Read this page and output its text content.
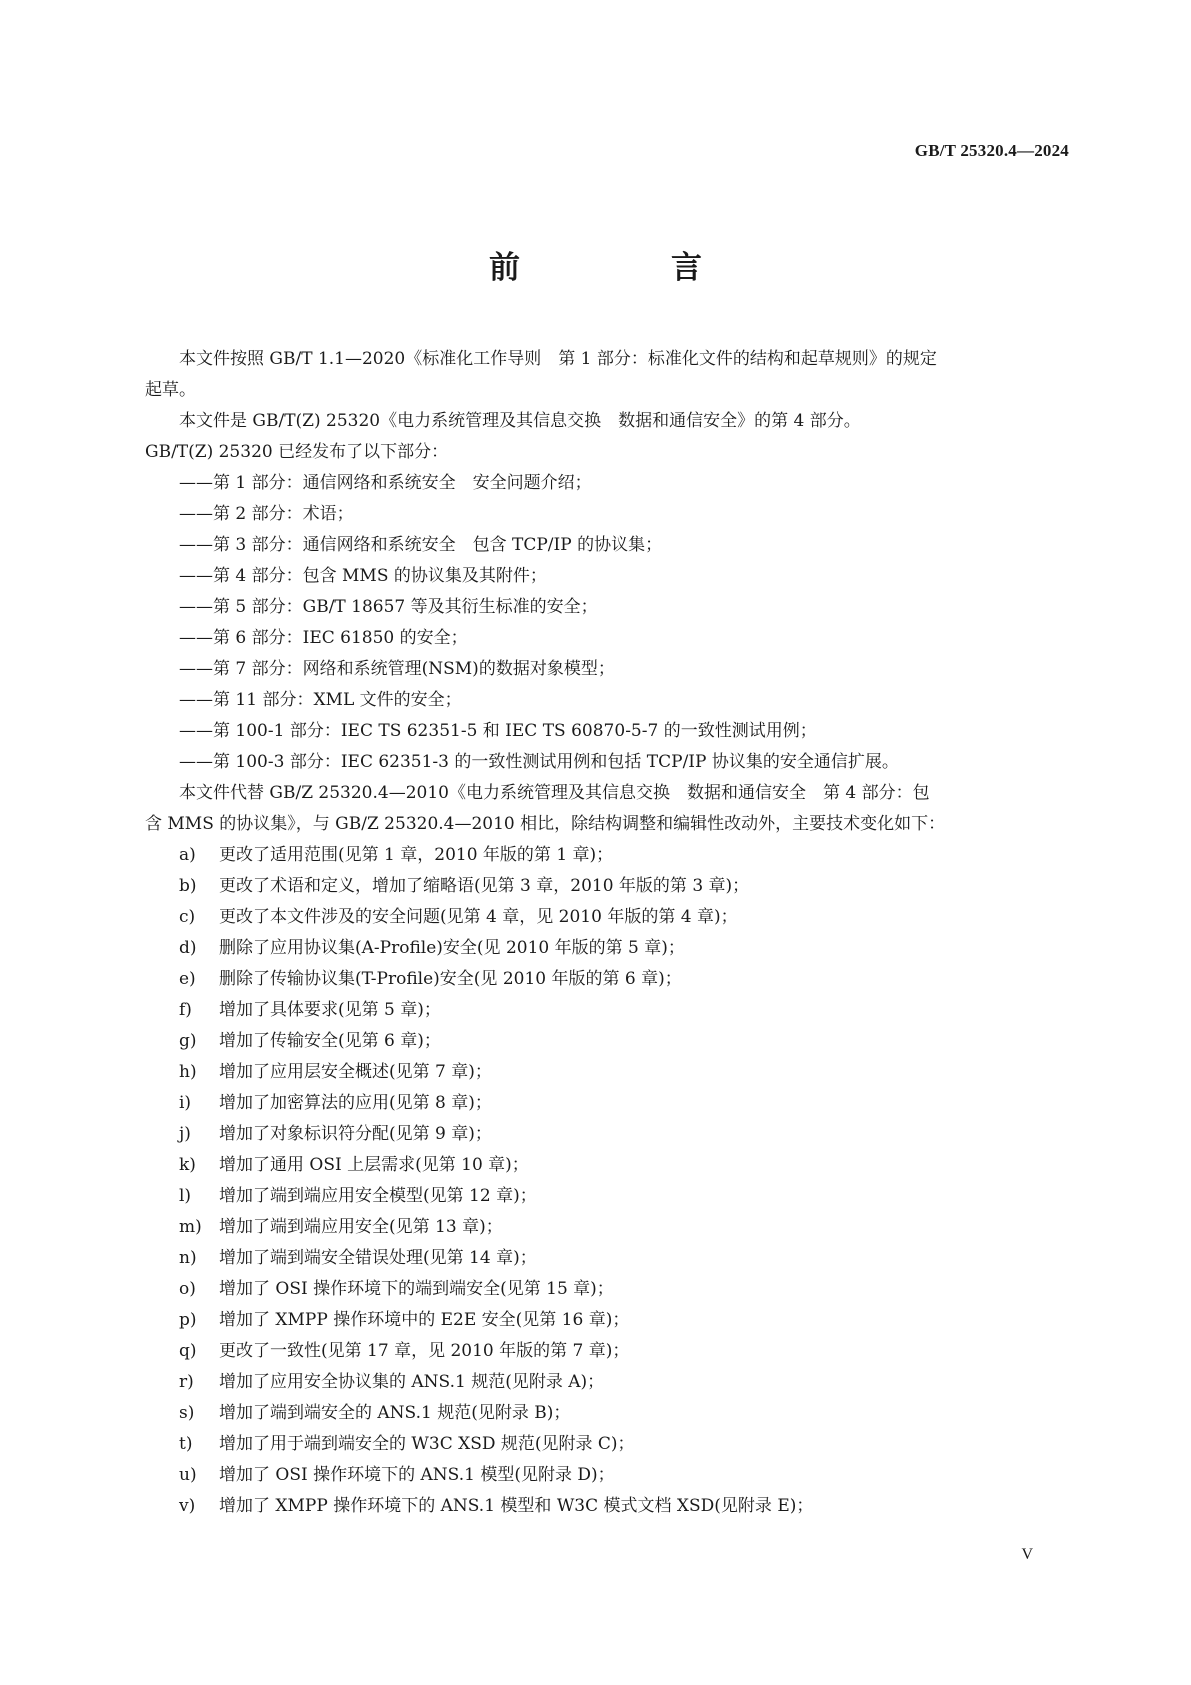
GB/T 25320.4—2024
前　言

本文件按照 GB/T 1.1—2020《标准化工作导则　第 1 部分：标准化文件的结构和起草规则》的规定

起草。

本文件是 GB/T(Z) 25320《电力系统管理及其信息交换　数据和通信安全》的第 4 部分。

GB/T(Z) 25320 已经发布了以下部分：

——第 1 部分：通信网络和系统安全　安全问题介绍；

——第 2 部分：术语；

——第 3 部分：通信网络和系统安全　包含 TCP/IP 的协议集；

——第 4 部分：包含 MMS 的协议集及其附件；

——第 5 部分：GB/T 18657 等及其衍生标准的安全；

——第 6 部分：IEC 61850 的安全；

——第 7 部分：网络和系统管理(NSM)的数据对象模型；

——第 11 部分：XML 文件的安全；

——第 100-1 部分：IEC TS 62351-5 和 IEC TS 60870-5-7 的一致性测试用例；

——第 100-3 部分：IEC 62351-3 的一致性测试用例和包括 TCP/IP 协议集的安全通信扩展。

本文件代替 GB/Z 25320.4—2010《电力系统管理及其信息交换　数据和通信安全　第 4 部分：包

含 MMS 的协议集》，与 GB/Z 25320.4—2010 相比，除结构调整和编辑性改动外，主要技术变化如下：

a)	更改了适用范围(见第 1 章，2010 年版的第 1 章)；
b)	更改了术语和定义，增加了缩略语(见第 3 章，2010 年版的第 3 章)；
c)	更改了本文件涉及的安全问题(见第 4 章，见 2010 年版的第 4 章)；
d)	删除了应用协议集(A-Profile)安全(见 2010 年版的第 5 章)；
e)	删除了传输协议集(T-Profile)安全(见 2010 年版的第 6 章)；
f)	增加了具体要求(见第 5 章)；
g)	增加了传输安全(见第 6 章)；
h)	增加了应用层安全概述(见第 7 章)；
i)	增加了加密算法的应用(见第 8 章)；
j)	增加了对象标识符分配(见第 9 章)；
k)	增加了通用 OSI 上层需求(见第 10 章)；
l)	增加了端到端应用安全模型(见第 12 章)；
m)	增加了端到端应用安全(见第 13 章)；
n)	增加了端到端安全错误处理(见第 14 章)；
o)	增加了 OSI 操作环境下的端到端安全(见第 15 章)；
p)	增加了 XMPP 操作环境中的 E2E 安全(见第 16 章)；
q)	更改了一致性(见第 17 章，见 2010 年版的第 7 章)；
r)	增加了应用安全协议集的 ANS.1 规范(见附录 A)；
s)	增加了端到端安全的 ANS.1 规范(见附录 B)；
t)	增加了用于端到端安全的 W3C XSD 规范(见附录 C)；
u)	增加了 OSI 操作环境下的 ANS.1 模型(见附录 D)；
v)	增加了 XMPP 操作环境下的 ANS.1 模型和 W3C 模式文档 XSD(见附录 E)；
V
